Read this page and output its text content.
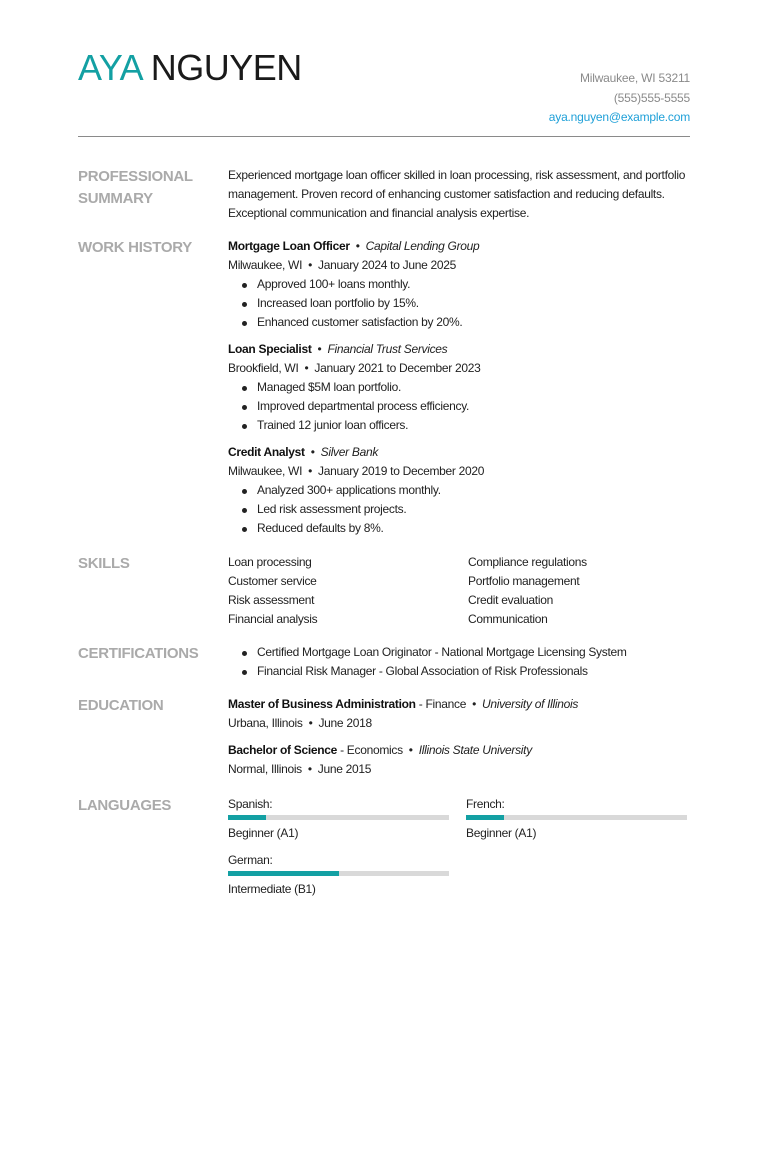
AYA NGUYEN	Milwaukee, WI 53211
(555)555-5555
aya.nguyen@example.com
PROFESSIONAL SUMMARY

Experienced mortgage loan officer skilled in loan processing, risk assessment, and portfolio management. Proven record of enhancing customer satisfaction and reducing defaults. Exceptional communication and financial analysis expertise.

WORK HISTORY	Mortgage Loan Officer • Capital Lending Group
Milwaukee, WI • January 2024 to June 2025
Approved 100+ loans monthly.
Increased loan portfolio by 15%.
Enhanced customer satisfaction by 20%.
Loan Specialist • Financial Trust Services
Brookfield, WI • January 2021 to December 2023
Managed $5M loan portfolio.
Improved departmental process efficiency.
Trained 12 junior loan officers.
Credit Analyst • Silver Bank
Milwaukee, WI • January 2019 to December 2020
Analyzed 300+ applications monthly.
Led risk assessment projects.
Reduced defaults by 8%.
SKILLS	Loan processing	Compliance regulations
Customer service	Portfolio management
Risk assessment	Credit evaluation
Financial analysis	Communication
CERTIFICATIONS	Certified Mortgage Loan Originator - National Mortgage Licensing System
Financial Risk Manager - Global Association of Risk Professionals
EDUCATION	Master of Business Administration - Finance • University of Illinois
Urbana, Illinois • June 2018
Bachelor of Science - Economics • Illinois State University
Normal, Illinois • June 2015
LANGUAGES	Spanish:
Beginner (A1)
French:
Beginner (A1)
German:
Intermediate (B1)
